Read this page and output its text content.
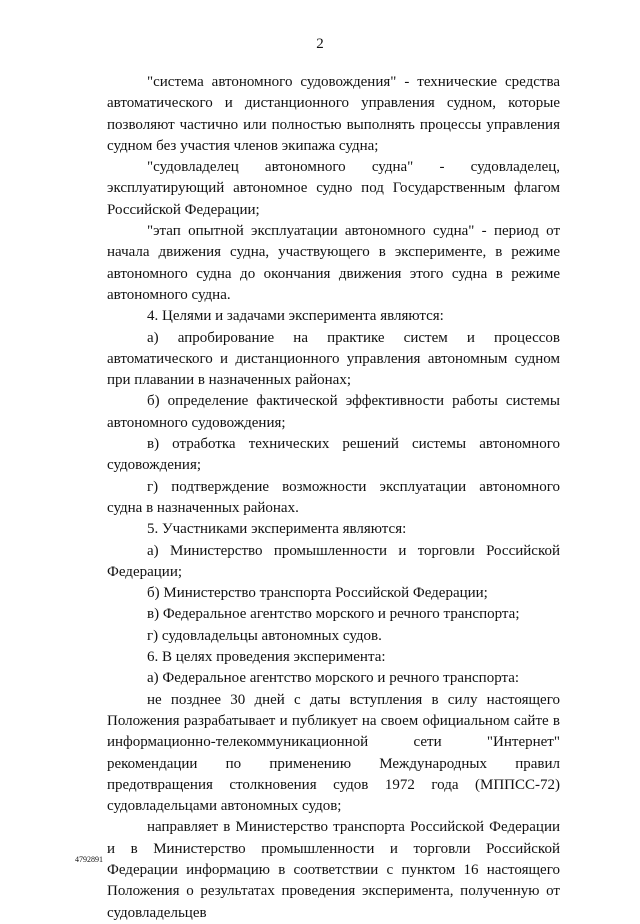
2

"система автономного судовождения" - технические средства автоматического и дистанционного управления судном, которые позволяют частично или полностью выполнять процессы управления судном без участия членов экипажа судна;

"судовладелец автономного судна" - судовладелец, эксплуатирующий автономное судно под Государственным флагом Российской Федерации;

"этап опытной эксплуатации автономного судна" - период от начала движения судна, участвующего в эксперименте, в режиме автономного судна до окончания движения этого судна в режиме автономного судна.

4. Целями и задачами эксперимента являются:

а) апробирование на практике систем и процессов автоматического и дистанционного управления автономным судном при плавании в назначенных районах;

б) определение фактической эффективности работы системы автономного судовождения;

в) отработка технических решений системы автономного судовождения;

г) подтверждение возможности эксплуатации автономного судна в назначенных районах.

5. Участниками эксперимента являются:

а) Министерство промышленности и торговли Российской Федерации;

б) Министерство транспорта Российской Федерации;

в) Федеральное агентство морского и речного транспорта;

г) судовладельцы автономных судов.

6. В целях проведения эксперимента:

а) Федеральное агентство морского и речного транспорта:

не позднее 30 дней с даты вступления в силу настоящего Положения разрабатывает и публикует на своем официальном сайте в информационно-телекоммуникационной сети "Интернет" рекомендации по применению Международных правил предотвращения столкновения судов 1972 года (МППСС-72) судовладельцами автономных судов;

направляет в Министерство транспорта Российской Федерации и в Министерство промышленности и торговли Российской Федерации информацию в соответствии с пунктом 16 настоящего Положения о результатах проведения эксперимента, полученную от судовладельцев

4792891
